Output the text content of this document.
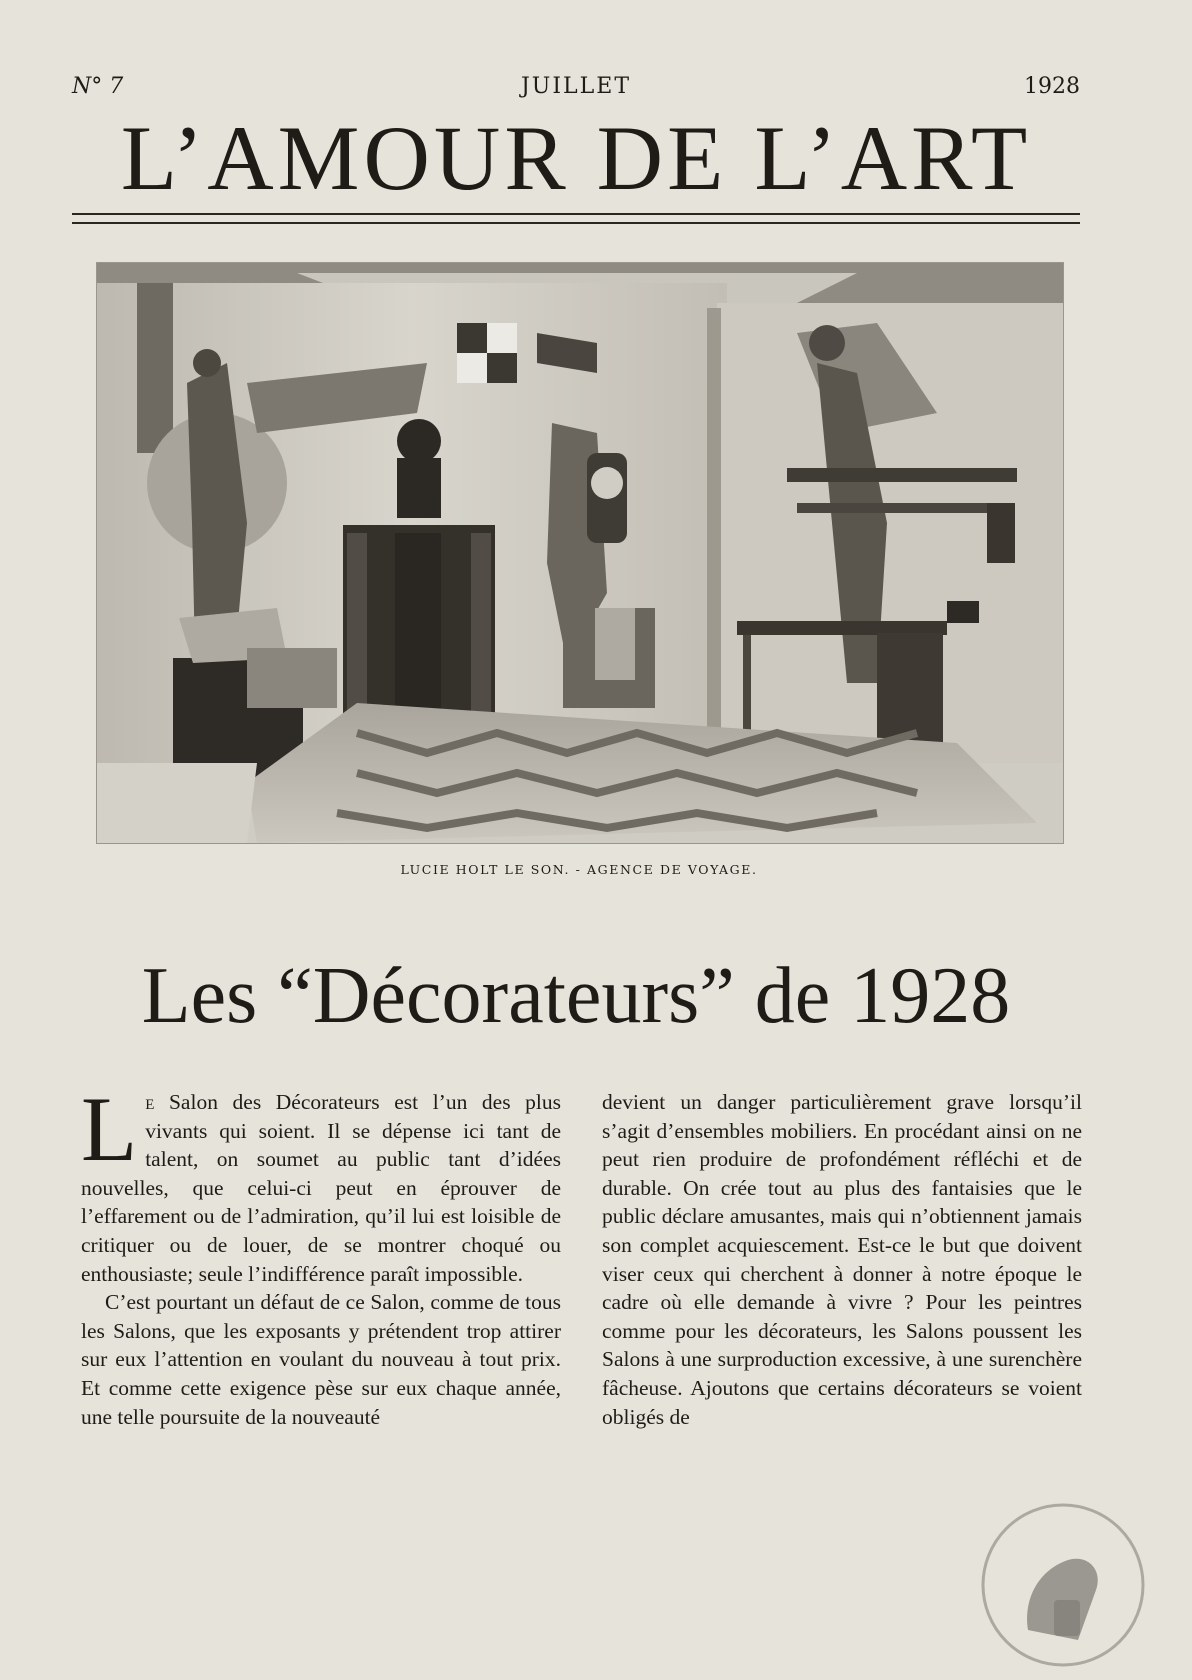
N° 7	JUILLET	1928
L’AMOUR DE L’ART
LUCIE HOLT LE SON. - AGENCE DE VOYAGE.
Les “Décorateurs” de 1928

Le Salon des Décorateurs est l’un des plus vivants qui soient. Il se dépense ici tant de talent, on soumet au public tant d’idées nouvelles, que celui-ci peut en éprouver de l’effarement ou de l’admiration, qu’il lui est loisible de critiquer ou de louer, de se montrer choqué ou enthousiaste; seule l’indifférence paraît impossible.

C’est pourtant un défaut de ce Salon, comme de tous les Salons, que les exposants y prétendent trop attirer sur eux l’attention en voulant du nouveau à tout prix. Et comme cette exigence pèse sur eux chaque année, une telle poursuite de la nouveauté

devient un danger particulièrement grave lorsqu’il s’agit d’ensembles mobiliers. En procédant ainsi on ne peut rien produire de profondément réfléchi et de durable. On crée tout au plus des fantaisies que le public déclare amusantes, mais qui n’obtiennent jamais son complet acquiescement. Est-ce le but que doivent viser ceux qui cherchent à donner à notre époque le cadre où elle demande à vivre ? Pour les peintres comme pour les décorateurs, les Salons poussent les Salons à une surproduction excessive, à une surenchère fâcheuse. Ajoutons que certains décorateurs se voient obligés de
